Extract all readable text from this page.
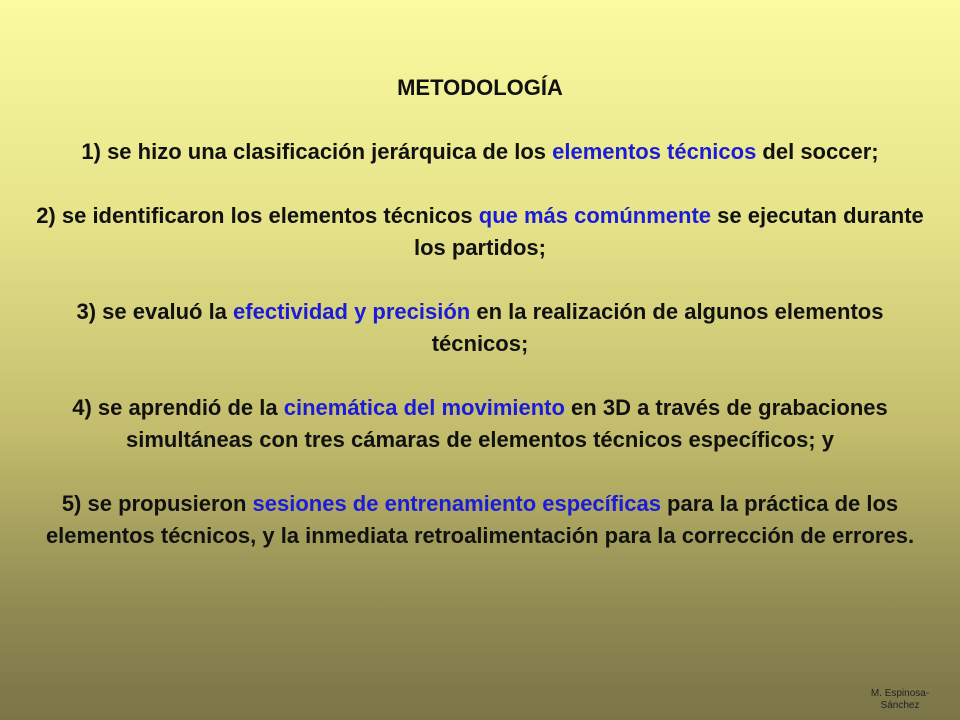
METODOLOGÍA
1) se hizo una clasificación jerárquica de los elementos técnicos del soccer;
2) se identificaron los elementos técnicos que más comúnmente se ejecutan durante los partidos;
3) se evaluó la efectividad y precisión en la realización de algunos elementos técnicos;
4) se aprendió de la cinemática del movimiento en 3D a través de grabaciones simultáneas con tres cámaras de elementos técnicos específicos; y
5) se propusieron sesiones de entrenamiento específicas para la práctica de los elementos técnicos, y la inmediata retroalimentación para la corrección de errores.
M. Espinosa-Sánchez
